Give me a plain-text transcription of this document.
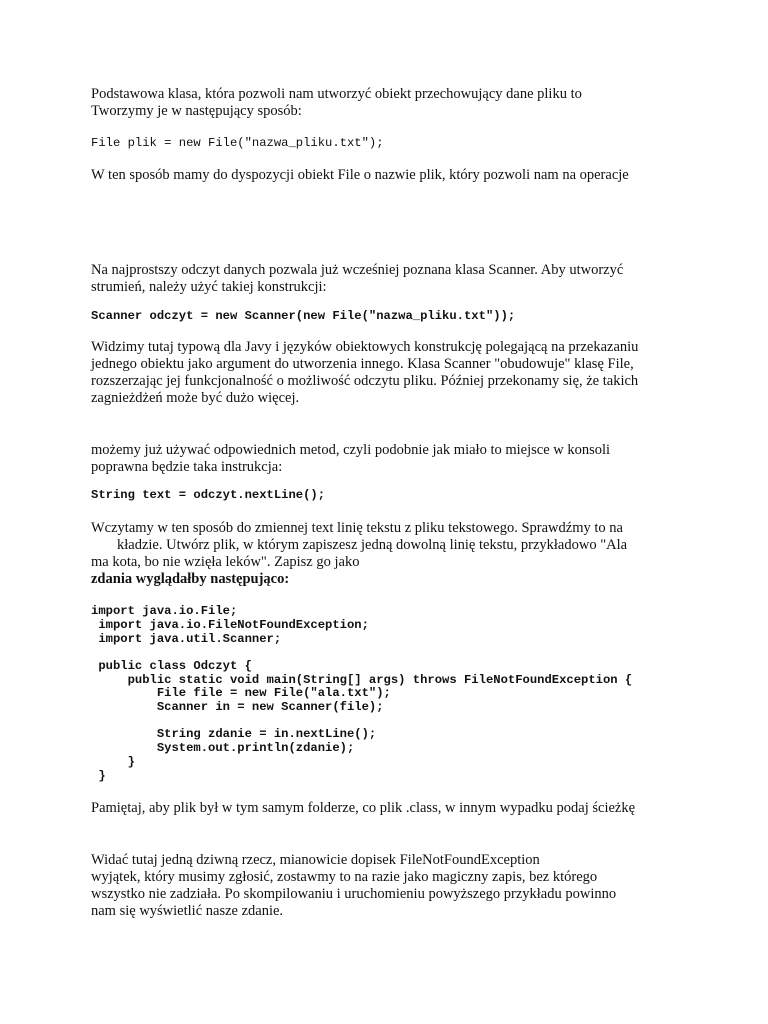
Podstawowa klasa, która pozwoli nam utworzyć obiekt przechowujący dane pliku to

Tworzymy je w następujący sposób:

File plik = new File("nazwa_pliku.txt");

W ten sposób mamy do dyspozycji obiekt File o nazwie plik, który pozwoli nam na operacje

Na najprostszy odczyt danych pozwala już wcześniej poznana klasa Scanner. Aby utworzyć

strumień, należy użyć takiej konstrukcji:

Scanner odczyt = new Scanner(new File("nazwa_pliku.txt"));

Widzimy tutaj typową dla Javy i języków obiektowych konstrukcję polegającą na przekazaniu

jednego obiektu jako argument do utworzenia innego. Klasa Scanner "obudowuje" klasę File,

rozszerzając jej funkcjonalność o możliwość odczytu pliku. Później przekonamy się, że takich

zagnieżdżeń może być dużo więcej.

możemy już używać odpowiednich metod, czyli podobnie jak miało to miejsce w konsoli

poprawna będzie taka instrukcja:

String text = odczyt.nextLine();

Wczytamy w ten sposób do zmiennej text linię tekstu z pliku tekstowego. Sprawdźmy to na

kładzie. Utwórz plik, w którym zapiszesz jedną dowolną linię tekstu, przykładowo "Ala

ma kota, bo nie wzięła leków". Zapisz go jako

zdania wyglądałby następująco:

import java.io.File;

import java.io.FileNotFoundException;

import java.util.Scanner;

public class Odczyt {

public static void main(String[] args) throws FileNotFoundException {

File file = new File("ala.txt");

Scanner in = new Scanner(file);

String zdanie = in.nextLine();

System.out.println(zdanie);

}

}

Pamiętaj, aby plik był w tym samym folderze, co plik .class, w innym wypadku podaj ścieżkę

Widać tutaj jedną dziwną rzecz, mianowicie dopisek FileNotFoundException

wyjątek, który musimy zgłosić, zostawmy to na razie jako magiczny zapis, bez którego

wszystko nie zadziała. Po skompilowaniu i uruchomieniu powyższego przykładu powinno

nam się wyświetlić nasze zdanie.
